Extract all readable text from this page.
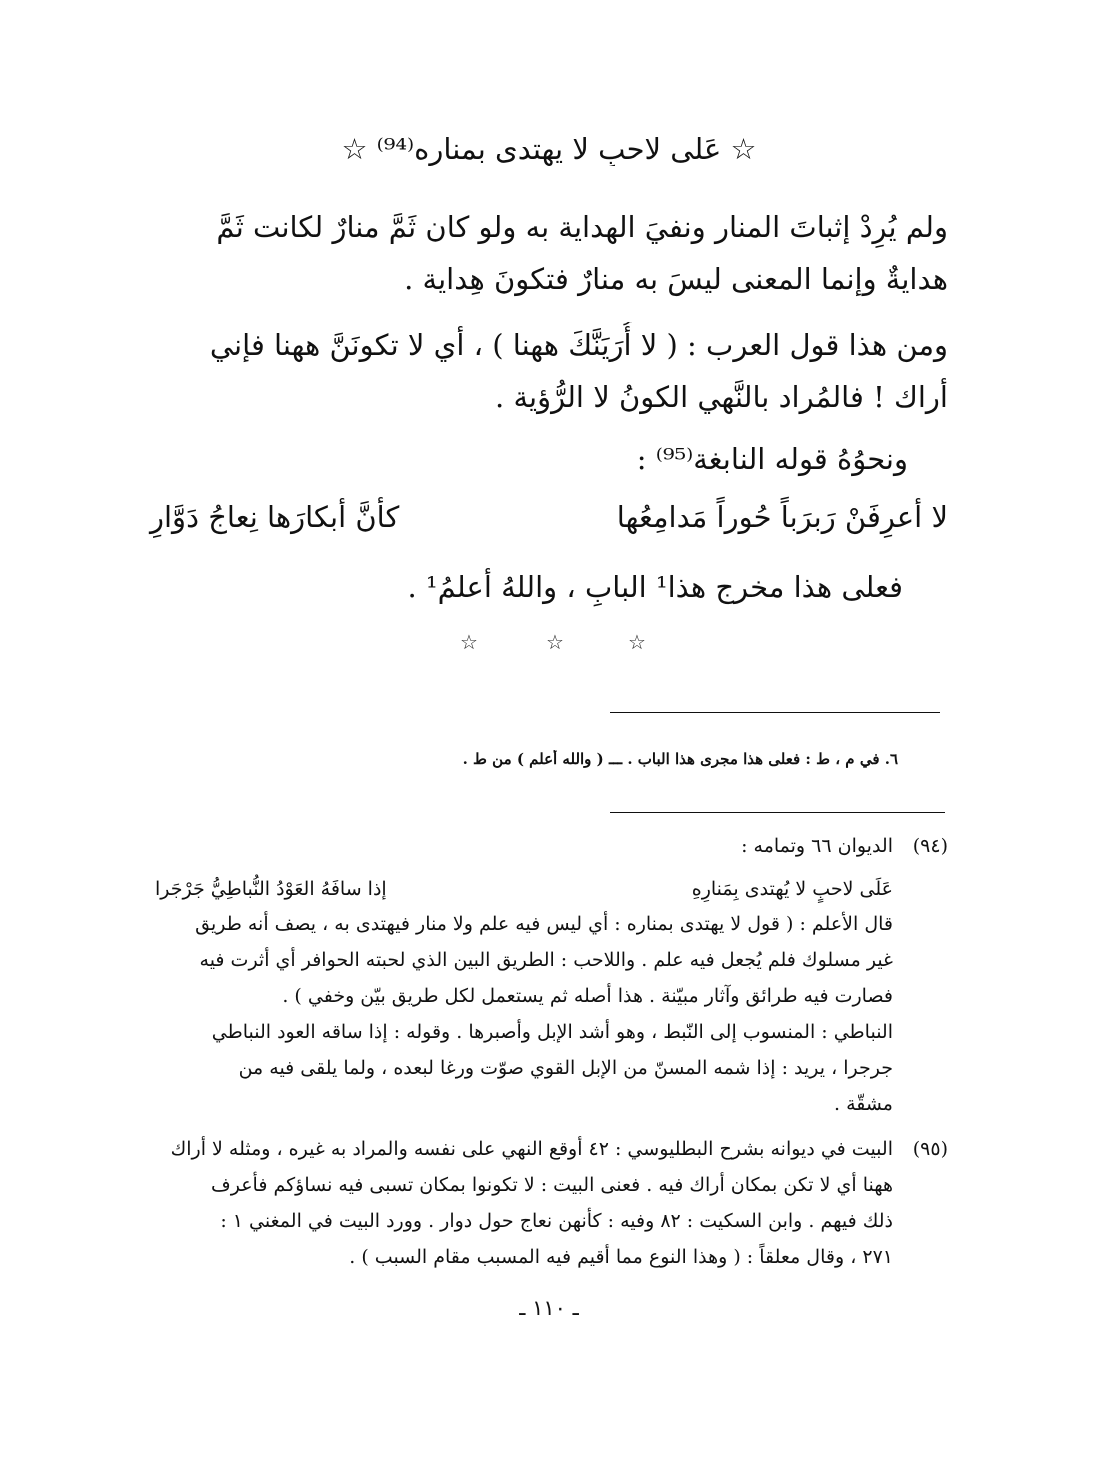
☆ عَلى لاحبٍ لا يهتدى بمناره⁽⁹⁴⁾ ☆
ولم يُرِدْ إثباتَ المنار ونفيَ الهداية به ولو كان ثَمَّ منارٌ لكانت ثَمَّ
هدايةٌ وإنما المعنى ليسَ به منارٌ فتكونَ هِداية .
ومن هذا قول العرب : ( لا أُرَيَنَّكَ ههنا ) ، أي لا تكونَنَّ ههنا فإني
أراك ! فالمُراد بالنَّهي الكونُ لا الرُّؤية .
ونحوُهُ قوله النابغة⁽⁹⁵⁾ :
لا أعرِفَنْ رَبرَباً حُوراً مَدامِعُها
كأنَّ أبكارَها نِعاجُ دَوَّارِ
فعلى هذا مخرج هذا¹ البابِ ، واللهُ أعلمُ¹ .
☆	☆	☆
٦. في م ، ط : فعلى هذا مجرى هذا الباب . ـــ ( والله أعلم ) من ط .
(٩٤)
الديوان ٦٦ وتمامه :
عَلَى لاحبٍ لا يُهتدى بِمَنارِهِ
إذا سافَهُ العَوْدُ النُّباطِيُّ جَرْجَرا
قال الأعلم : ( قول لا يهتدى بمناره : أي ليس فيه علم ولا منار فيهتدى به ، يصف أنه طريق
غير مسلوك فلم يُجعل فيه علم . واللاحب : الطريق البين الذي لحبته الحوافر أي أثرت فيه
فصارت فيه طرائق وآثار مبيّنة . هذا أصله ثم يستعمل لكل طريق بيّن وخفي ) .
النباطي : المنسوب إلى النّبط ، وهو أشد الإبل وأصبرها . وقوله : إذا ساقه العود النباطي
جرجرا ، يريد : إذا شمه المسنّ من الإبل القوي صوّت ورغا لبعده ، ولما يلقى فيه من
مشقّة .
(٩٥)
البيت في ديوانه بشرح البطليوسي : ٤٢ أوقع النهي على نفسه والمراد به غيره ، ومثله لا أراك
ههنا أي لا تكن بمكان أراك فيه . فعنى البيت : لا تكونوا بمكان تسبى فيه نساؤكم فأعرف
ذلك فيهم . وابن السكيت : ٨٢ وفيه : كأنهن نعاج حول دوار . وورد البيت في المغني ١ :
٢٧١ ، وقال معلقاً : ( وهذا النوع مما أقيم فيه المسبب مقام السبب ) .
ـ ١١٠ ـ
